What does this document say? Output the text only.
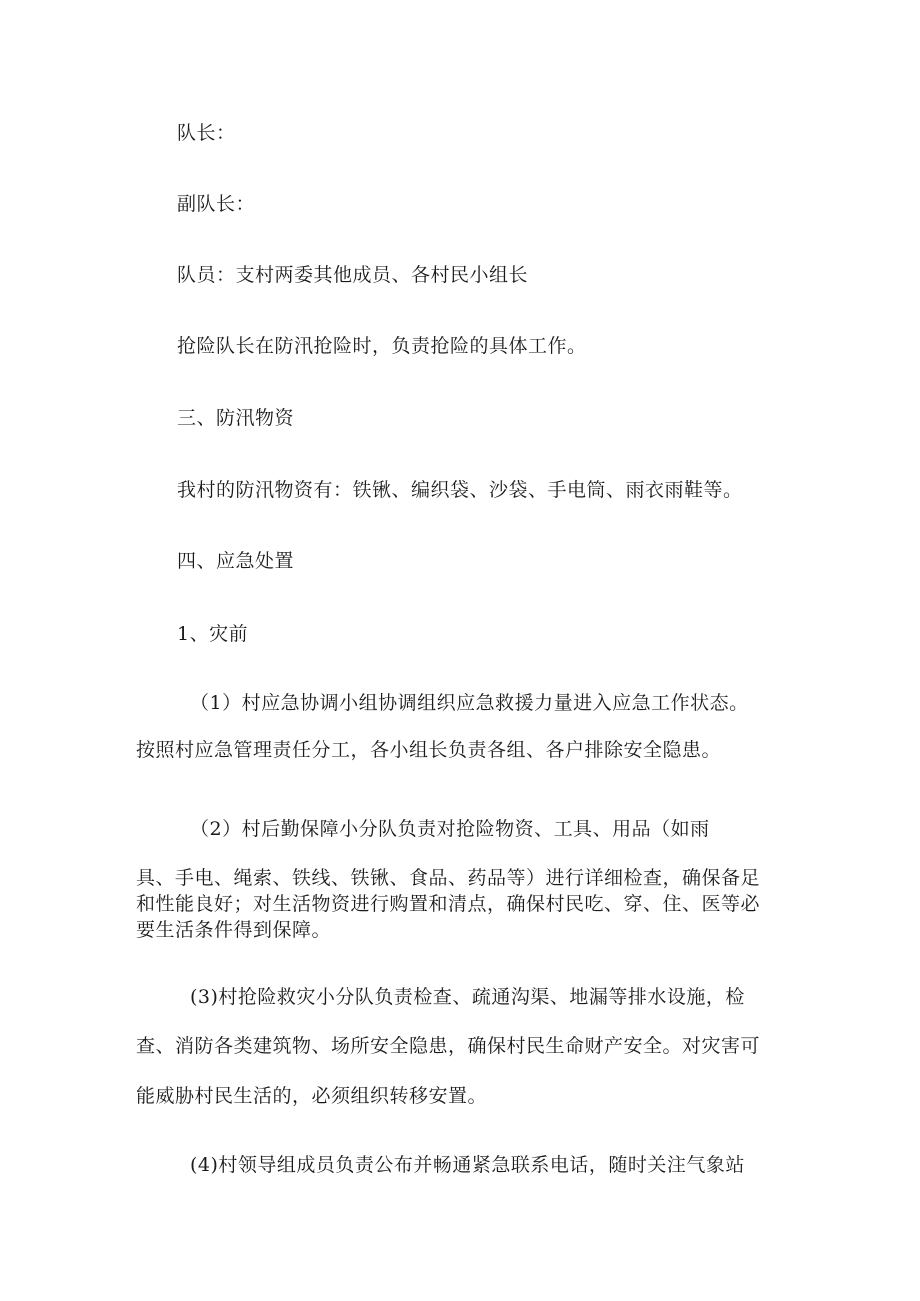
队长：
副队长：
队员：支村两委其他成员、各村民小组长
抢险队长在防汛抢险时，负责抢险的具体工作。
三、防汛物资
我村的防汛物资有：铁锹、编织袋、沙袋、手电筒、雨衣雨鞋等。
四、应急处置
1、灾前
（1）村应急协调小组协调组织应急救援力量进入应急工作状态。
按照村应急管理责任分工，各小组长负责各组、各户排除安全隐患。
（2）村后勤保障小分队负责对抢险物资、工具、用品（如雨
具、手电、绳索、铁线、铁锹、食品、药品等）进行详细检查，确保备足
和性能良好；对生活物资进行购置和清点，确保村民吃、穿、住、医等必
要生活条件得到保障。
(3)村抢险救灾小分队负责检查、疏通沟渠、地漏等排水设施，检
查、消防各类建筑物、场所安全隐患，确保村民生命财产安全。对灾害可
能威胁村民生活的，必须组织转移安置。
(4)村领导组成员负责公布并畅通紧急联系电话，随时关注气象站
